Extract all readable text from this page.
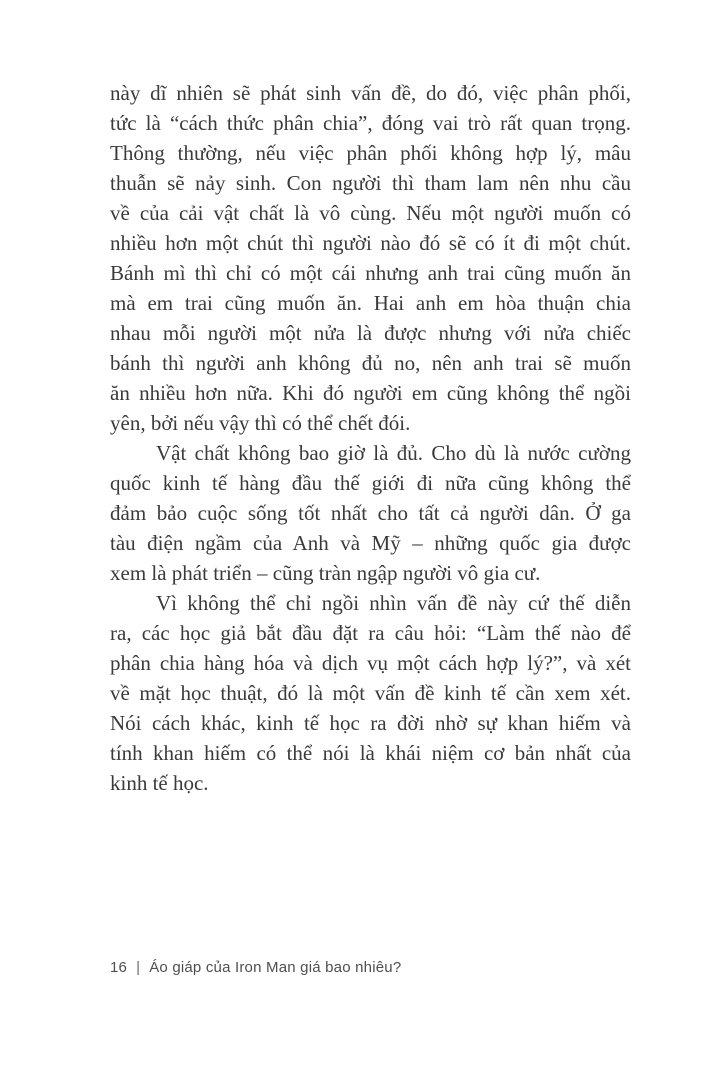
này dĩ nhiên sẽ phát sinh vấn đề, do đó, việc phân phối,
tức là “cách thức phân chia”, đóng vai trò rất quan trọng.
Thông thường, nếu việc phân phối không hợp lý, mâu
thuẫn sẽ nảy sinh. Con người thì tham lam nên nhu cầu
về của cải vật chất là vô cùng. Nếu một người muốn có
nhiều hơn một chút thì người nào đó sẽ có ít đi một chút.
Bánh mì thì chỉ có một cái nhưng anh trai cũng muốn ăn
mà em trai cũng muốn ăn. Hai anh em hòa thuận chia
nhau mỗi người một nửa là được nhưng với nửa chiếc
bánh thì người anh không đủ no, nên anh trai sẽ muốn
ăn nhiều hơn nữa. Khi đó người em cũng không thể ngồi
yên, bởi nếu vậy thì có thể chết đói.
Vật chất không bao giờ là đủ. Cho dù là nước cường
quốc kinh tế hàng đầu thế giới đi nữa cũng không thể
đảm bảo cuộc sống tốt nhất cho tất cả người dân. Ở ga
tàu điện ngầm của Anh và Mỹ – những quốc gia được
xem là phát triển – cũng tràn ngập người vô gia cư.
Vì không thể chỉ ngồi nhìn vấn đề này cứ thế diễn
ra, các học giả bắt đầu đặt ra câu hỏi: “Làm thế nào để
phân chia hàng hóa và dịch vụ một cách hợp lý?”, và xét
về mặt học thuật, đó là một vấn đề kinh tế cần xem xét.
Nói cách khác, kinh tế học ra đời nhờ sự khan hiếm và
tính khan hiếm có thể nói là khái niệm cơ bản nhất của
kinh tế học.
16 | Áo giáp của Iron Man giá bao nhiêu?
